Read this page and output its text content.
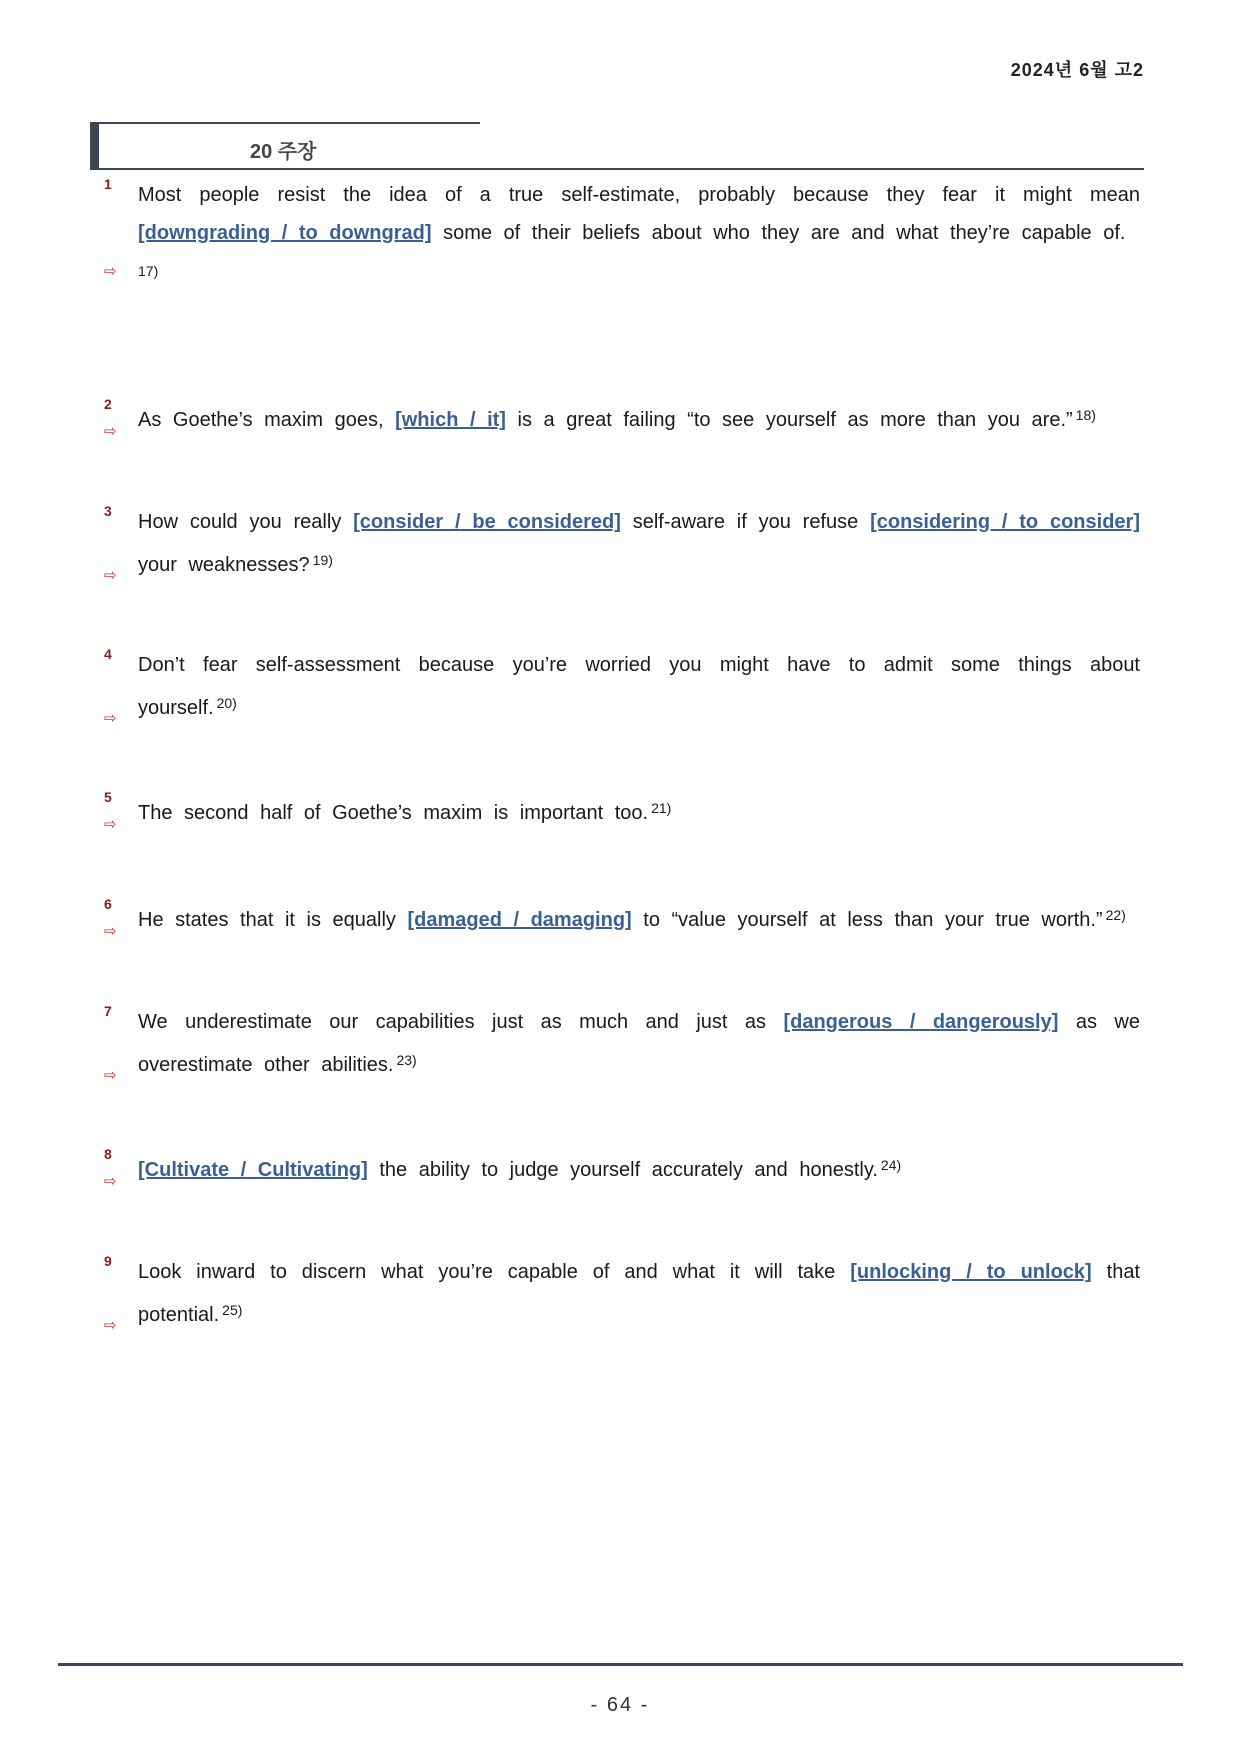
2024년 6월 고2
20 주장
1 Most people resist the idea of a true self-estimate, probably because they fear it might mean [downgrading / to downgrad] some of their beliefs about who they are and what they’re capable of.
$^{17)}$
⇨
2
As Goethe’s maxim goes, [which / it] is a great failing “to see yourself as more than you are.” $^{18)}$
⇨
3 How could you really [consider / be considered] self-aware if you refuse [considering / to consider] your weaknesses? $^{19)}$
⇨
4 Don’t fear self-assessment because you’re worried you might have to admit some things about yourself. $^{20)}$
⇨
5
The second half of Goethe’s maxim is important too. $^{21)}$
⇨
6
He states that it is equally [damaged / damaging] to “value yourself at less than your true worth.” $^{22)}$
⇨
7 We underestimate our capabilities just as much and just as [dangerous / dangerously] as we overestimate other abilities. $^{23)}$
⇨
8
[Cultivate / Cultivating] the ability to judge yourself accurately and honestly. $^{24)}$
⇨
9 Look inward to discern what you’re capable of and what it will take [unlocking / to unlock] that potential. $^{25)}$
⇨
- 64 -
